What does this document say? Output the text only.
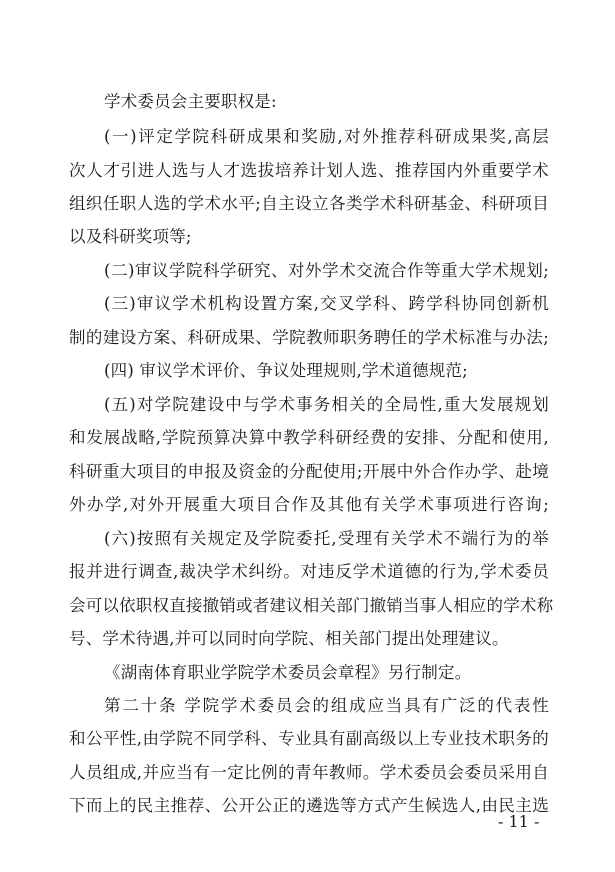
学术委员会主要职权是:
(一)评定学院科研成果和奖励,对外推荐科研成果奖,高层
次人才引进人选与人才选拔培养计划人选、推荐国内外重要学术
组织任职人选的学术水平;自主设立各类学术科研基金、科研项目
以及科研奖项等;
(二)审议学院科学研究、对外学术交流合作等重大学术规划;
(三)审议学术机构设置方案,交叉学科、跨学科协同创新机
制的建设方案、科研成果、学院教师职务聘任的学术标准与办法;
(四) 审议学术评价、争议处理规则,学术道德规范;
(五)对学院建设中与学术事务相关的全局性,重大发展规划
和发展战略,学院预算决算中教学科研经费的安排、分配和使用,
科研重大项目的申报及资金的分配使用;开展中外合作办学、赴境
外办学,对外开展重大项目合作及其他有关学术事项进行咨询;
(六)按照有关规定及学院委托,受理有关学术不端行为的举
报并进行调查,裁决学术纠纷。对违反学术道德的行为,学术委员
会可以依职权直接撤销或者建议相关部门撤销当事人相应的学术称
号、学术待遇,并可以同时向学院、相关部门提出处理建议。
《湖南体育职业学院学术委员会章程》另行制定。
第二十条 学院学术委员会的组成应当具有广泛的代表性
和公平性,由学院不同学科、专业具有副高级以上专业技术职务的
人员组成,并应当有一定比例的青年教师。学术委员会委员采用自
下而上的民主推荐、公开公正的遴选等方式产生候选人,由民主选
- 11 -
